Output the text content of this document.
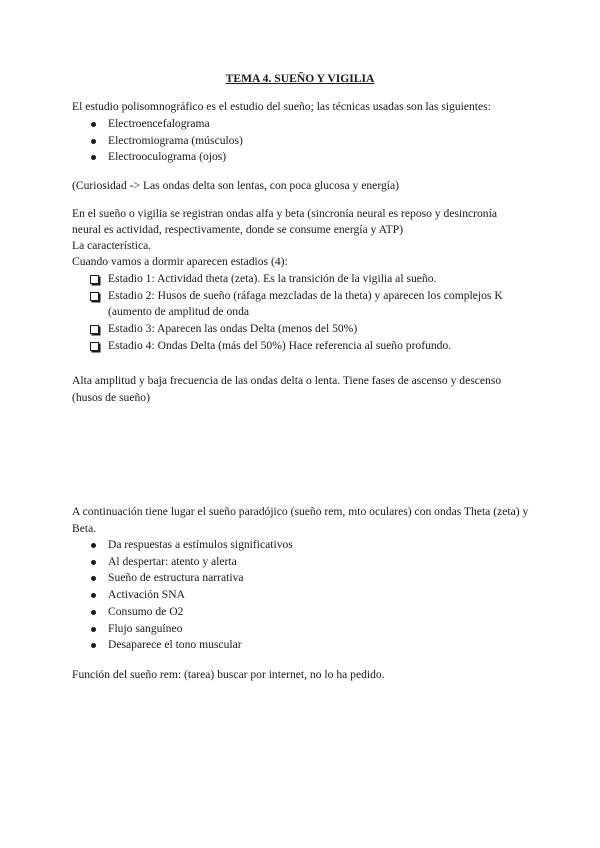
TEMA 4. SUEÑO Y VIGILIA

El estudio polisomnográfico es el estudio del sueño; las técnicas usadas son las siguientes:

Electroencefalograma
Electromiograma (músculos)
Electrooculograma (ojos)

(Curiosidad -> Las ondas delta son lentas, con poca glucosa y energía)

En el sueño o vigilia se registran ondas alfa y beta (sincronía neural es reposo y desincronía

neural es actividad, respectivamente, donde se consume energía y ATP)

La característica.

Cuando vamos a dormir aparecen estadios (4):

Estadio 1: Actividad theta (zeta). Es la transición de la vigilia al sueño.
Estadio 2: Husos de sueño (ráfaga mezcladas de la theta) y aparecen los complejos K (aumento de amplitud de onda
Estadio 3: Aparecen las ondas Delta (menos del 50%)
Estadio 4: Ondas Delta (más del 50%) Hace referencia al sueño profundo.

Alta amplitud y baja frecuencia de las ondas delta o lenta. Tiene fases de ascenso y descenso (husos de sueño)

A continuación tiene lugar el sueño paradójico (sueño rem, mto oculares) con ondas Theta (zeta) y Beta.

Da respuestas a estímulos significativos
Al despertar: atento y alerta
Sueño de estructura narrativa
Activación SNA
Consumo de O2
Flujo sanguíneo
Desaparece el tono muscular

Función del sueño rem: (tarea) buscar por internet, no lo ha pedido.
